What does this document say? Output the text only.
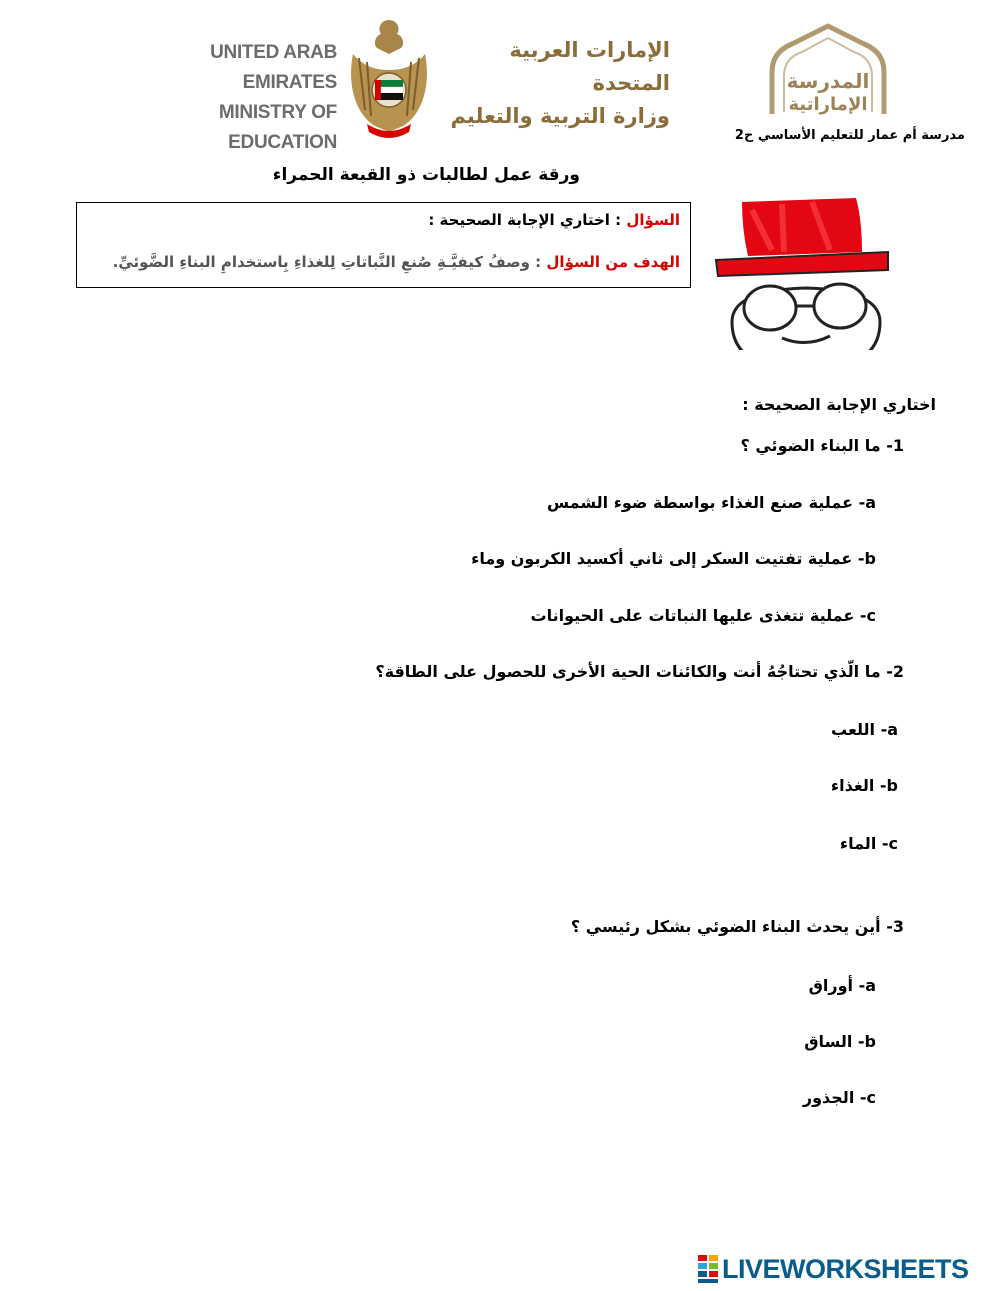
UNITED ARAB EMIRATES
MINISTRY OF EDUCATION
الإمارات العربية المتحدة
وزارة التربية والتعليم
المدرسة
الإماراتية
مدرسة أم عمار للتعليم الأساسي ح2
ورقة عمل لطالبات ذو القبعة الحمراء
السؤال : اختاري الإجابة الصحيحة :
الهدف من السؤال : وصفُ كيفيَّـةِ صُنعِ النَّباتاتِ لِلغذاءِ بِاستخدامِ البناءِ الضَّوئيِّ.
اختاري الإجابة الصحيحة :
1- ما البناء الضوئي ؟
a- عملية صنع الغذاء بواسطة ضوء الشمس
b- عملية تفتيت السكر إلى ثاني أكسيد الكربون وماء
c- عملية تتغذى عليها النباتات على الحيوانات
2- ما الّذي تحتاجُهُ أنت والكائنات الحية الأخرى للحصول على الطاقة؟
a- اللعب
b- الغذاء
c- الماء
3- أين يحدث البناء الضوئي بشكل رئيسي ؟
a- أوراق
b- الساق
c- الجذور
LIVEWORKSHEETS
